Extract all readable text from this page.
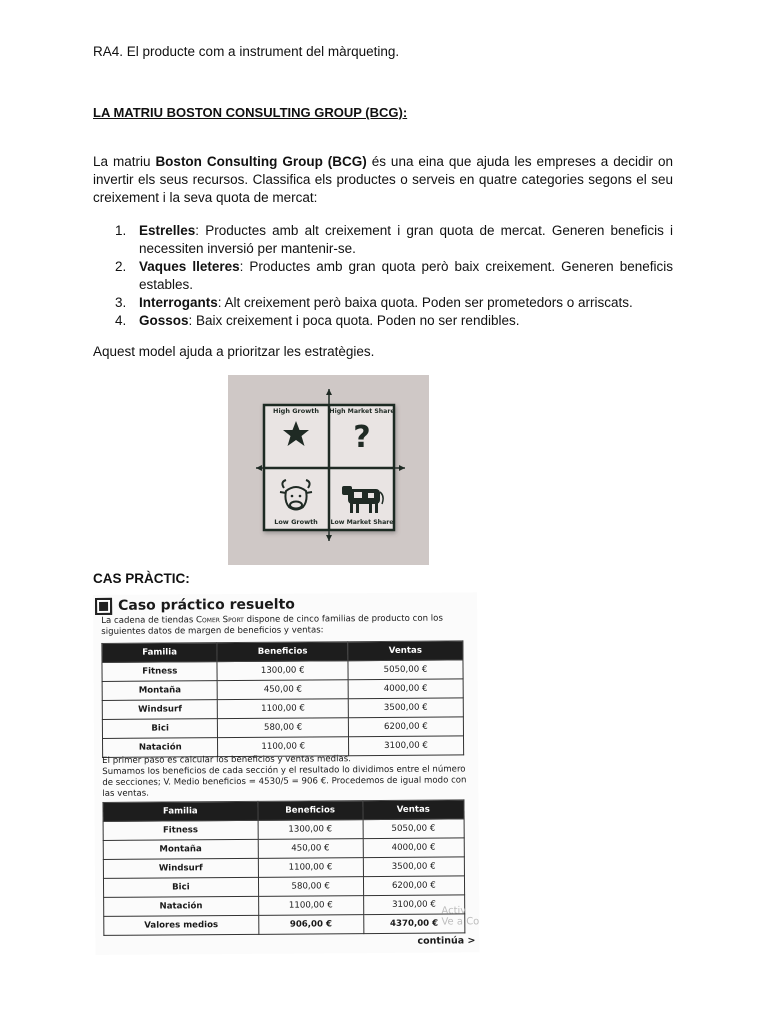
RA4. El producte com a instrument del màrqueting.
LA MATRIU BOSTON CONSULTING GROUP (BCG):
La matriu Boston Consulting Group (BCG) és una eina que ajuda les empreses a decidir on invertir els seus recursos. Classifica els productes o serveis en quatre categories segons el seu creixement i la seva quota de mercat:
1. Estrelles: Productes amb alt creixement i gran quota de mercat. Generen beneficis i necessiten inversió per mantenir-se.
2. Vaques lleteres: Productes amb gran quota però baix creixement. Generen beneficis estables.
3. Interrogants: Alt creixement però baixa quota. Poden ser prometedors o arriscats.
4. Gossos: Baix creixement i poca quota. Poden no ser rendibles.
Aquest model ajuda a prioritzar les estratègies.
CAS PRÀCTIC:
High Growth High Market Share
Low Growth Low Market Share
?
Caso práctico resuelto
La cadena de tiendas Comer Sport dispone de cinco familias de producto con los siguientes datos de margen de beneficios y ventas:
Familia	Beneficios	Ventas
Fitness	1300,00 €	5050,00 €
Montaña	450,00 €	4000,00 €
Windsurf	1100,00 €	3500,00 €
Bici	580,00 €	6200,00 €
Natación	1100,00 €	3100,00 €
El primer paso es calcular los beneficios y ventas medias.
Sumamos los beneficios de cada sección y el resultado lo dividimos entre el número de secciones; V. Medio beneficios = 4530/5 = 906 €. Procedemos de igual modo con las ventas.
Familia	Beneficios	Ventas
Fitness	1300,00 €	5050,00 €
Montaña	450,00 €	4000,00 €
Windsurf	1100,00 €	3500,00 €
Bici	580,00 €	6200,00 €
Natación	1100,00 €	3100,00 €
Valores medios	906,00 €	4370,00 €
Activ
Ve a Co
continúa >
